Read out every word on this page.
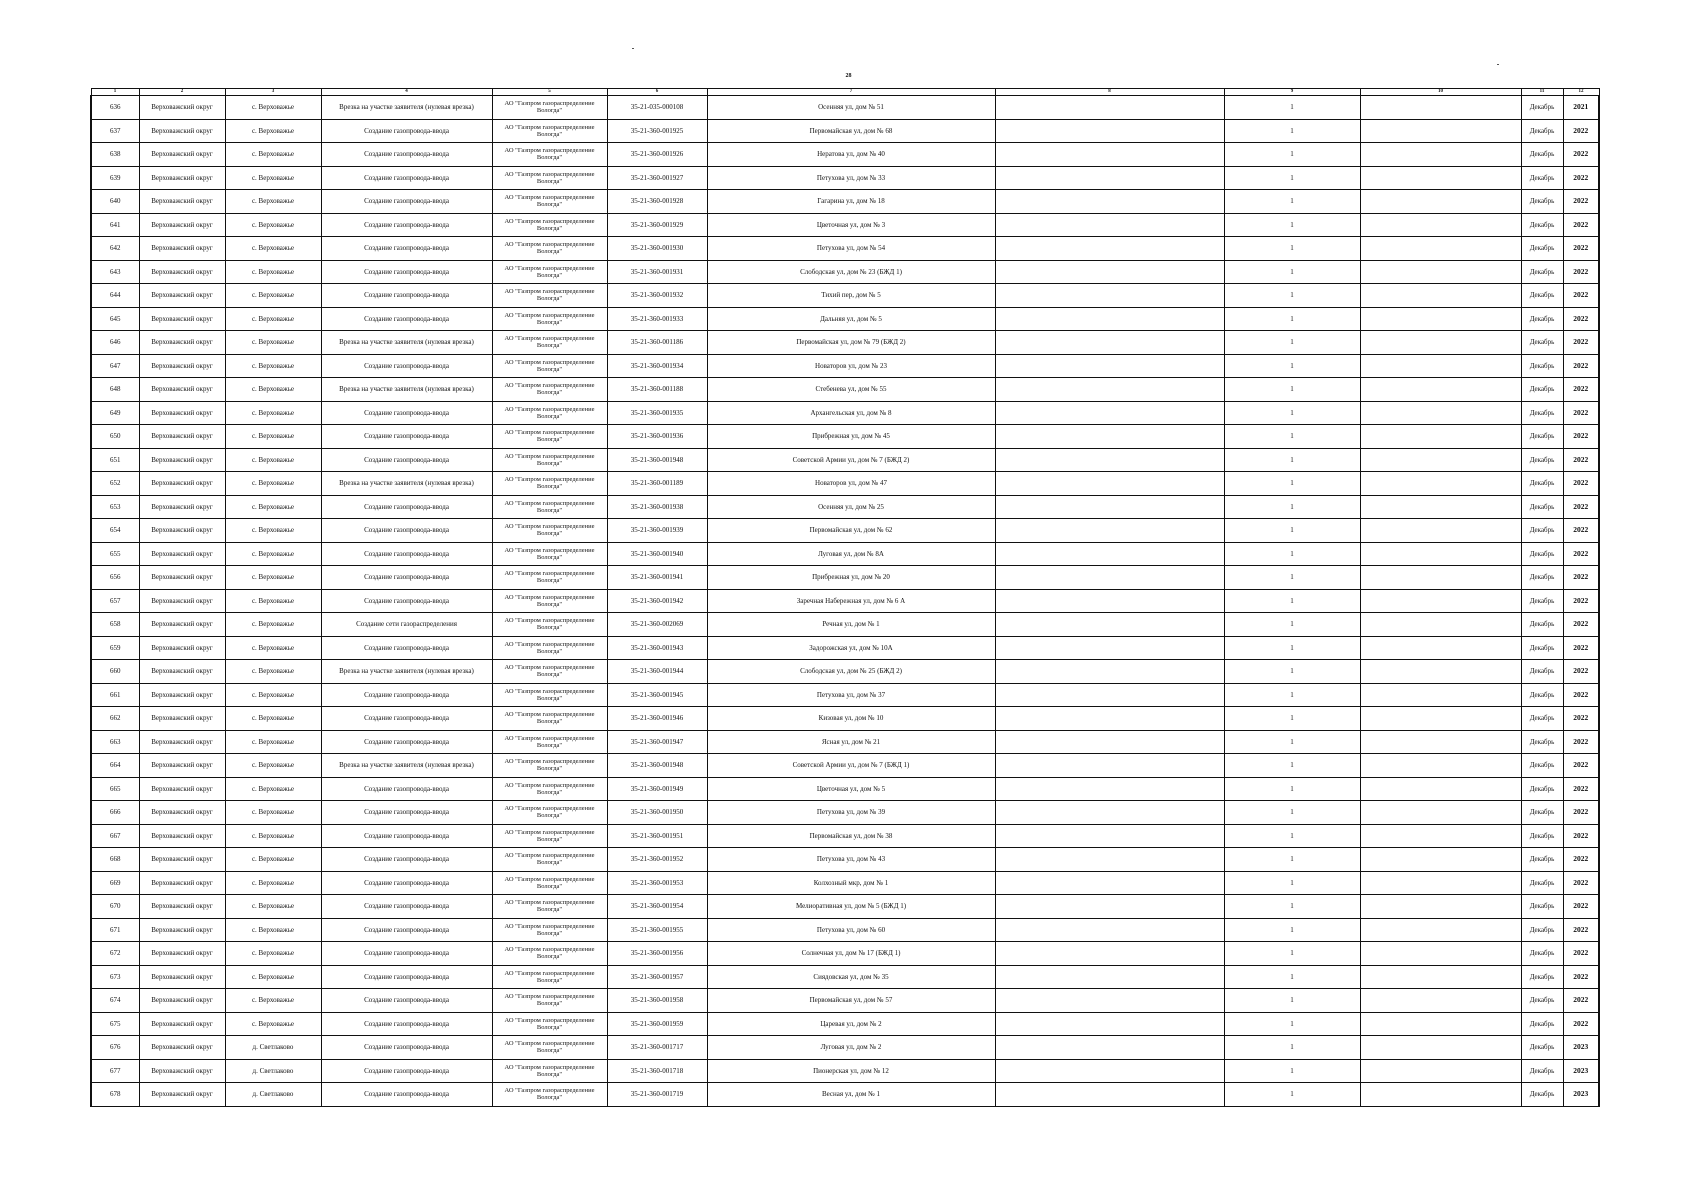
28
1	2	3	4	5	6	7	8	9	10	11	12
636	Верховажский округ	с. Верховажье	Врезка на участке заявителя (нулевая врезка)	АО "Газпром газораспределение Вологда"	35-21-035-000108	Осенняя ул, дом № 51		1		Декабрь	2021
637	Верховажский округ	с. Верховажье	Создание газопровода-ввода	АО "Газпром газораспределение Вологда"	35-21-360-001925	Первомайская ул, дом № 68		1		Декабрь	2022
638	Верховажский округ	с. Верховажье	Создание газопровода-ввода	АО "Газпром газораспределение Вологда"	35-21-360-001926	Нератова ул, дом № 40		1		Декабрь	2022
639	Верховажский округ	с. Верховажье	Создание газопровода-ввода	АО "Газпром газораспределение Вологда"	35-21-360-001927	Петухова ул, дом № 33		1		Декабрь	2022
640	Верховажский округ	с. Верховажье	Создание газопровода-ввода	АО "Газпром газораспределение Вологда"	35-21-360-001928	Гагарина ул, дом № 18		1		Декабрь	2022
641	Верховажский округ	с. Верховажье	Создание газопровода-ввода	АО "Газпром газораспределение Вологда"	35-21-360-001929	Цветочная ул, дом № 3		1		Декабрь	2022
642	Верховажский округ	с. Верховажье	Создание газопровода-ввода	АО "Газпром газораспределение Вологда"	35-21-360-001930	Петухова ул, дом № 54		1		Декабрь	2022
643	Верховажский округ	с. Верховажье	Создание газопровода-ввода	АО "Газпром газораспределение Вологда"	35-21-360-001931	Слободская ул, дом № 23 (БЖД 1)		1		Декабрь	2022
644	Верховажский округ	с. Верховажье	Создание газопровода-ввода	АО "Газпром газораспределение Вологда"	35-21-360-001932	Тихий пер, дом № 5		1		Декабрь	2022
645	Верховажский округ	с. Верховажье	Создание газопровода-ввода	АО "Газпром газораспределение Вологда"	35-21-360-001933	Дальняя ул, дом № 5		1		Декабрь	2022
646	Верховажский округ	с. Верховажье	Врезка на участке заявителя (нулевая врезка)	АО "Газпром газораспределение Вологда"	35-21-360-001186	Первомайская ул, дом № 79 (БЖД 2)		1		Декабрь	2022
647	Верховажский округ	с. Верховажье	Создание газопровода-ввода	АО "Газпром газораспределение Вологда"	35-21-360-001934	Новаторов ул, дом № 23		1		Декабрь	2022
648	Верховажский округ	с. Верховажье	Врезка на участке заявителя (нулевая врезка)	АО "Газпром газораспределение Вологда"	35-21-360-001188	Стебенева ул, дом № 55		1		Декабрь	2022
649	Верховажский округ	с. Верховажье	Создание газопровода-ввода	АО "Газпром газораспределение Вологда"	35-21-360-001935	Архангельская ул, дом № 8		1		Декабрь	2022
650	Верховажский округ	с. Верховажье	Создание газопровода-ввода	АО "Газпром газораспределение Вологда"	35-21-360-001936	Прибрежная ул, дом № 45		1		Декабрь	2022
651	Верховажский округ	с. Верховажье	Создание газопровода-ввода	АО "Газпром газораспределение Вологда"	35-21-360-001948	Советской Армии ул, дом № 7 (БЖД 2)		1		Декабрь	2022
652	Верховажский округ	с. Верховажье	Врезка на участке заявителя (нулевая врезка)	АО "Газпром газораспределение Вологда"	35-21-360-001189	Новаторов ул, дом № 47		1		Декабрь	2022
653	Верховажский округ	с. Верховажье	Создание газопровода-ввода	АО "Газпром газораспределение Вологда"	35-21-360-001938	Осенняя ул, дом № 25		1		Декабрь	2022
654	Верховажский округ	с. Верховажье	Создание газопровода-ввода	АО "Газпром газораспределение Вологда"	35-21-360-001939	Первомайская ул, дом № 62		1		Декабрь	2022
655	Верховажский округ	с. Верховажье	Создание газопровода-ввода	АО "Газпром газораспределение Вологда"	35-21-360-001940	Луговая ул, дом № 8А		1		Декабрь	2022
656	Верховажский округ	с. Верховажье	Создание газопровода-ввода	АО "Газпром газораспределение Вологда"	35-21-360-001941	Прибрежная ул, дом № 20		1		Декабрь	2022
657	Верховажский округ	с. Верховажье	Создание газопровода-ввода	АО "Газпром газораспределение Вологда"	35-21-360-001942	Заречная Набережная ул, дом № 6 А		1		Декабрь	2022
658	Верховажский округ	с. Верховажье	Создание сети газораспределения	АО "Газпром газораспределение Вологда"	35-21-360-002069	Речная ул, дом № 1		1		Декабрь	2022
659	Верховажский округ	с. Верховажье	Создание газопровода-ввода	АО "Газпром газораспределение Вологда"	35-21-360-001943	Задорожская ул, дом № 10А		1		Декабрь	2022
660	Верховажский округ	с. Верховажье	Врезка на участке заявителя (нулевая врезка)	АО "Газпром газораспределение Вологда"	35-21-360-001944	Слободская ул, дом № 25 (БЖД 2)		1		Декабрь	2022
661	Верховажский округ	с. Верховажье	Создание газопровода-ввода	АО "Газпром газораспределение Вологда"	35-21-360-001945	Петухова ул, дом № 37		1		Декабрь	2022
662	Верховажский округ	с. Верховажье	Создание газопровода-ввода	АО "Газпром газораспределение Вологда"	35-21-360-001946	Кизовая ул, дом № 10		1		Декабрь	2022
663	Верховажский округ	с. Верховажье	Создание газопровода-ввода	АО "Газпром газораспределение Вологда"	35-21-360-001947	Ясная ул, дом № 21		1		Декабрь	2022
664	Верховажский округ	с. Верховажье	Врезка на участке заявителя (нулевая врезка)	АО "Газпром газораспределение Вологда"	35-21-360-001948	Советской Армии ул, дом № 7 (БЖД 1)		1		Декабрь	2022
665	Верховажский округ	с. Верховажье	Создание газопровода-ввода	АО "Газпром газораспределение Вологда"	35-21-360-001949	Цветочная ул, дом № 5		1		Декабрь	2022
666	Верховажский округ	с. Верховажье	Создание газопровода-ввода	АО "Газпром газораспределение Вологда"	35-21-360-001950	Петухова ул, дом № 39		1		Декабрь	2022
667	Верховажский округ	с. Верховажье	Создание газопровода-ввода	АО "Газпром газораспределение Вологда"	35-21-360-001951	Первомайская ул, дом № 38		1		Декабрь	2022
668	Верховажский округ	с. Верховажье	Создание газопровода-ввода	АО "Газпром газораспределение Вологда"	35-21-360-001952	Петухова ул, дом № 43		1		Декабрь	2022
669	Верховажский округ	с. Верховажье	Создание газопровода-ввода	АО "Газпром газораспределение Вологда"	35-21-360-001953	Колхозный мкр, дом № 1		1		Декабрь	2022
670	Верховажский округ	с. Верховажье	Создание газопровода-ввода	АО "Газпром газораспределение Вологда"	35-21-360-001954	Мелиоративная ул, дом № 5 (БЖД 1)		1		Декабрь	2022
671	Верховажский округ	с. Верховажье	Создание газопровода-ввода	АО "Газпром газораспределение Вологда"	35-21-360-001955	Петухова ул, дом № 60		1		Декабрь	2022
672	Верховажский округ	с. Верховажье	Создание газопровода-ввода	АО "Газпром газораспределение Вологда"	35-21-360-001956	Солнечная ул, дом № 17 (БЖД 1)		1		Декабрь	2022
673	Верховажский округ	с. Верховажье	Создание газопровода-ввода	АО "Газпром газораспределение Вологда"	35-21-360-001957	Сиядовская ул, дом № 35		1		Декабрь	2022
674	Верховажский округ	с. Верховажье	Создание газопровода-ввода	АО "Газпром газораспределение Вологда"	35-21-360-001958	Первомайская ул, дом № 57		1		Декабрь	2022
675	Верховажский округ	с. Верховажье	Создание газопровода-ввода	АО "Газпром газораспределение Вологда"	35-21-360-001959	Царевая ул, дом № 2		1		Декабрь	2022
676	Верховажский округ	д. Светлаково	Создание газопровода-ввода	АО "Газпром газораспределение Вологда"	35-21-360-001717	Луговая ул, дом № 2		1		Декабрь	2023
677	Верховажский округ	д. Светлаково	Создание газопровода-ввода	АО "Газпром газораспределение Вологда"	35-21-360-001718	Пионерская ул, дом № 12		1		Декабрь	2023
678	Верховажский округ	д. Светлаково	Создание газопровода-ввода	АО "Газпром газораспределение Вологда"	35-21-360-001719	Весная ул, дом № 1		1		Декабрь	2023
